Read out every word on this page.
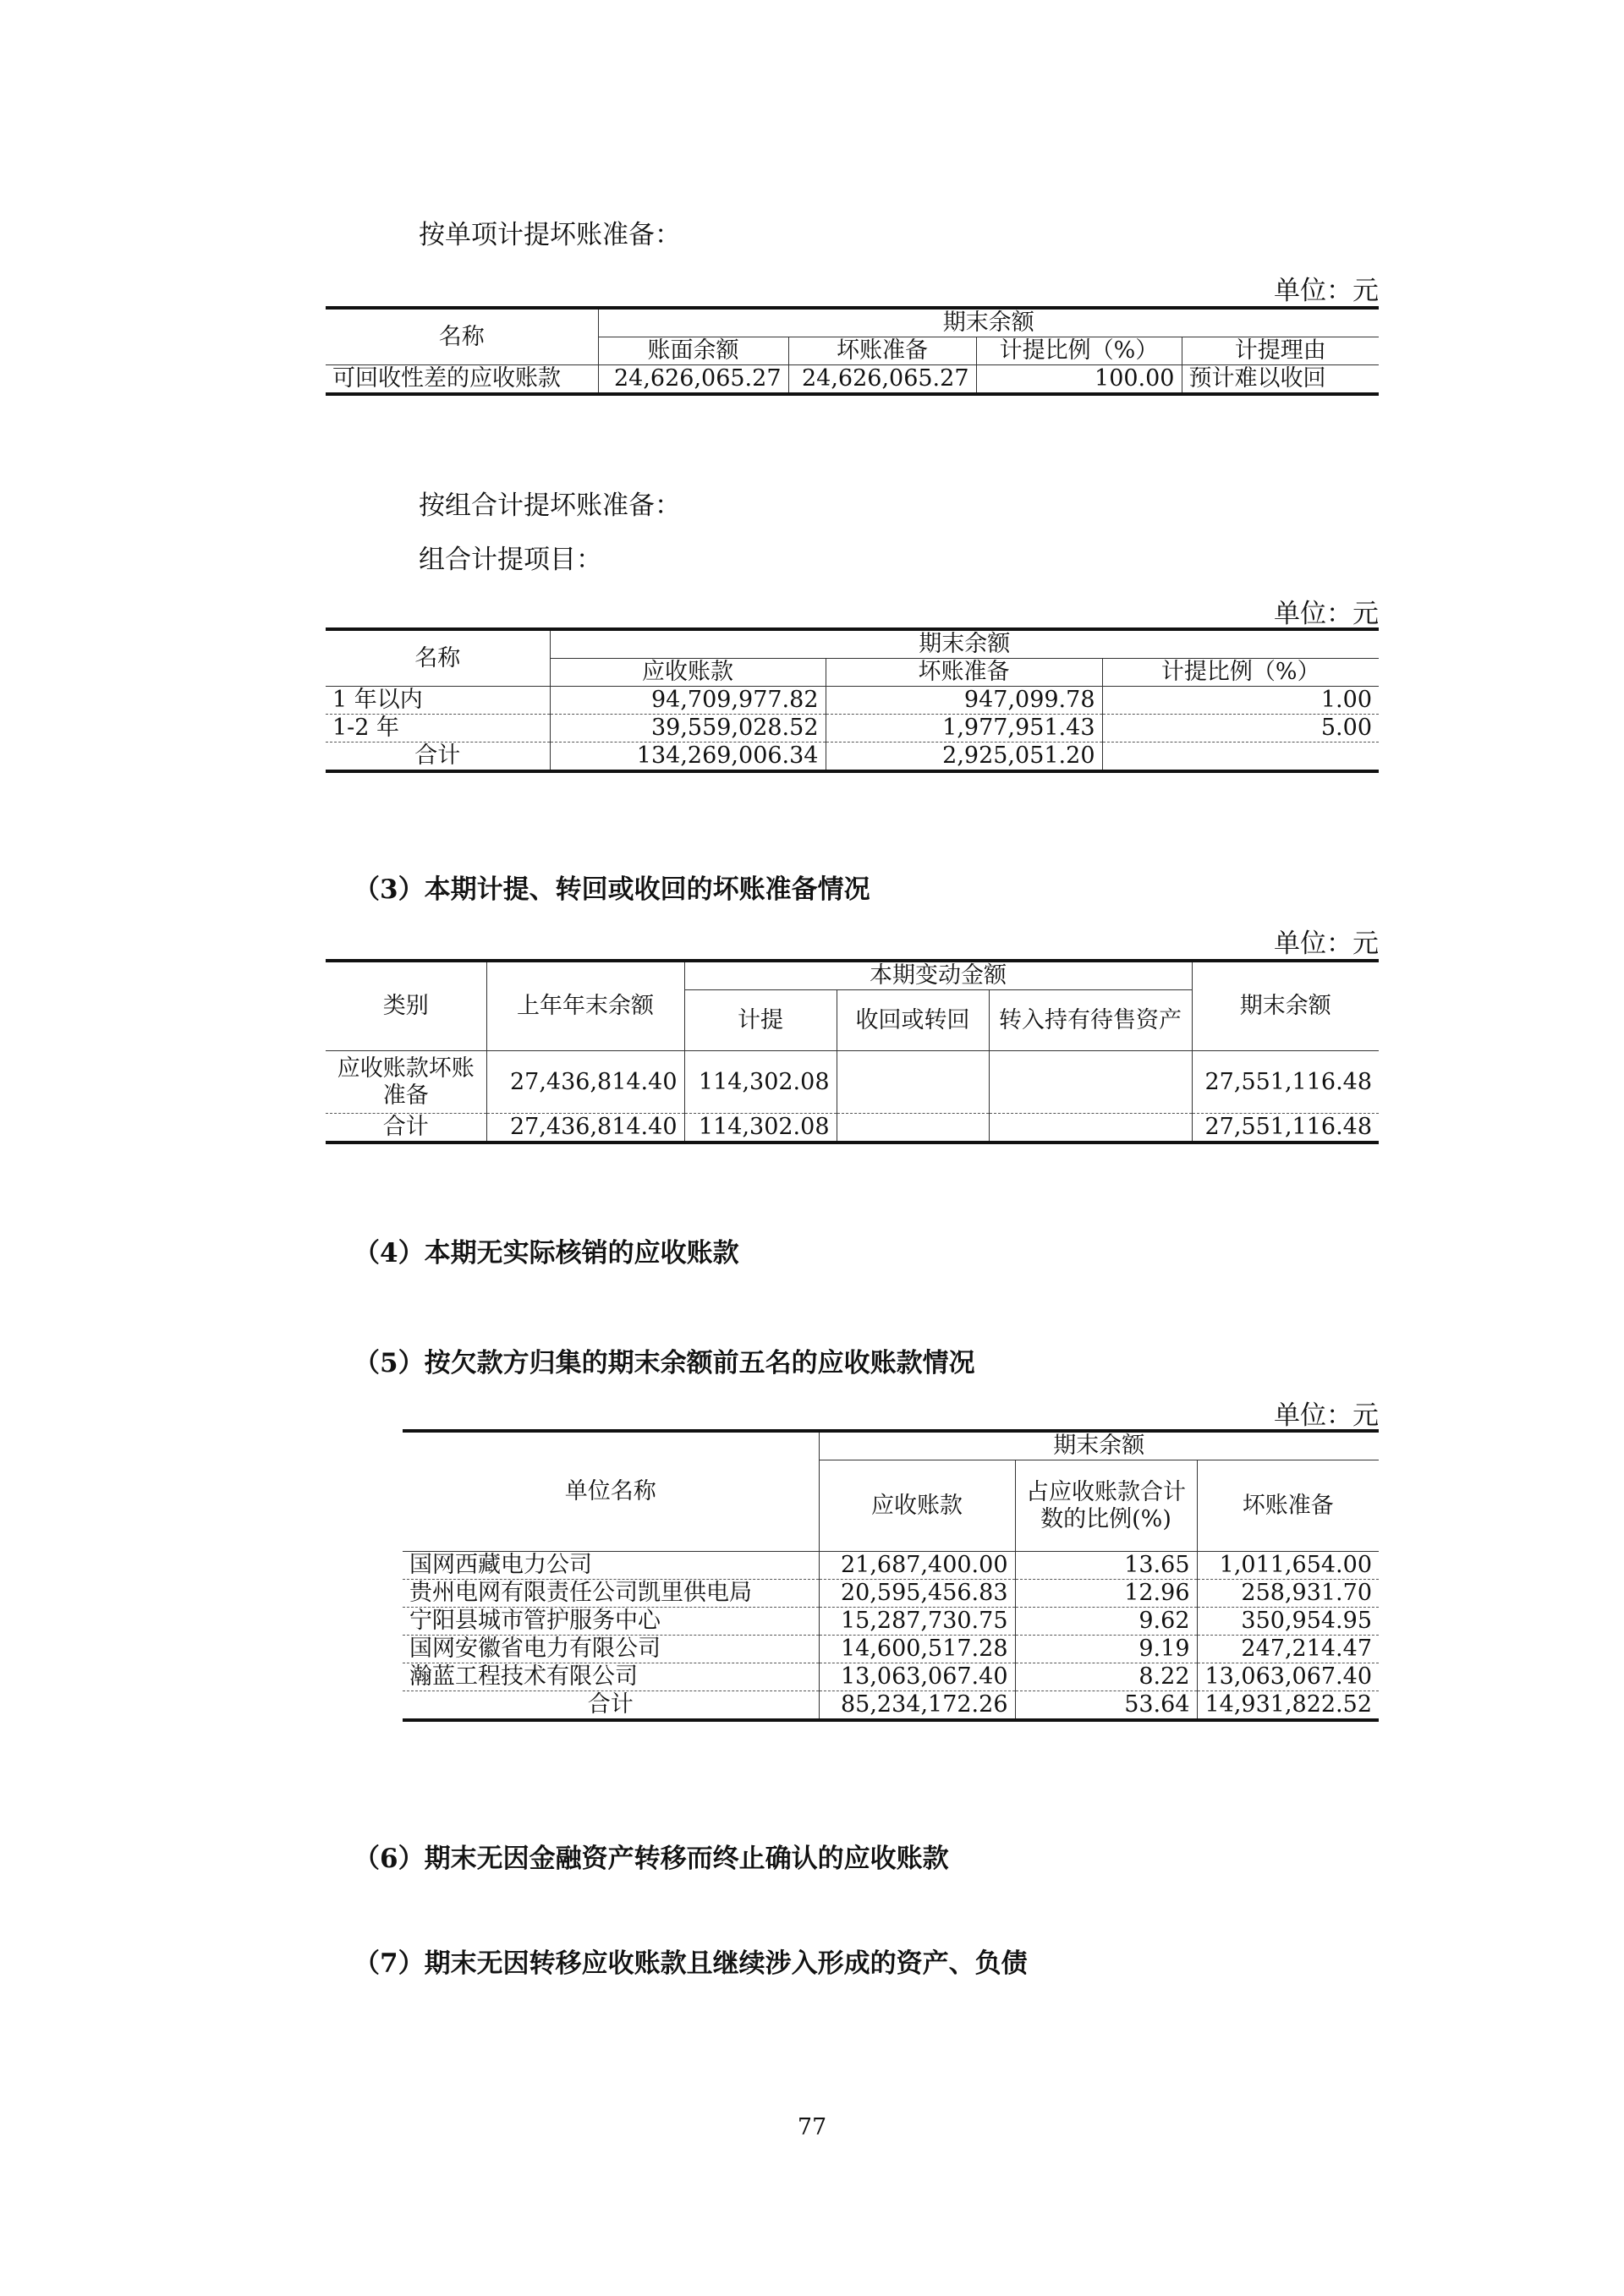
按单项计提坏账准备：
单位：元
名称	期末余额			
	账面余额	坏账准备	计提比例（%）	计提理由
可回收性差的应收账款	24,626,065.27	24,626,065.27	100.00	预计难以收回
按组合计提坏账准备：
组合计提项目：
单位：元
名称	期末余额		
	应收账款	坏账准备	计提比例（%）
1 年以内	94,709,977.82	947,099.78	1.00
1-2 年	39,559,028.52	1,977,951.43	5.00
合计	134,269,006.34	2,925,051.20	
（3）本期计提、转回或收回的坏账准备情况
单位：元
类别	上年年末余额	本期变动金额			期末余额
		计提	收回或转回	转入持有待售资产	
应收账款坏账准备	27,436,814.40	114,302.08			27,551,116.48
合计	27,436,814.40	114,302.08			27,551,116.48
（4）本期无实际核销的应收账款
（5）按欠款方归集的期末余额前五名的应收账款情况
单位：元
单位名称	期末余额		
	应收账款	占应收账款合计数的比例(%)	坏账准备
国网西藏电力公司	21,687,400.00	13.65	1,011,654.00
贵州电网有限责任公司凯里供电局	20,595,456.83	12.96	258,931.70
宁阳县城市管护服务中心	15,287,730.75	9.62	350,954.95
国网安徽省电力有限公司	14,600,517.28	9.19	247,214.47
瀚蓝工程技术有限公司	13,063,067.40	8.22	13,063,067.40
合计	85,234,172.26	53.64	14,931,822.52
（6）期末无因金融资产转移而终止确认的应收账款
（7）期末无因转移应收账款且继续涉入形成的资产、负债
77
